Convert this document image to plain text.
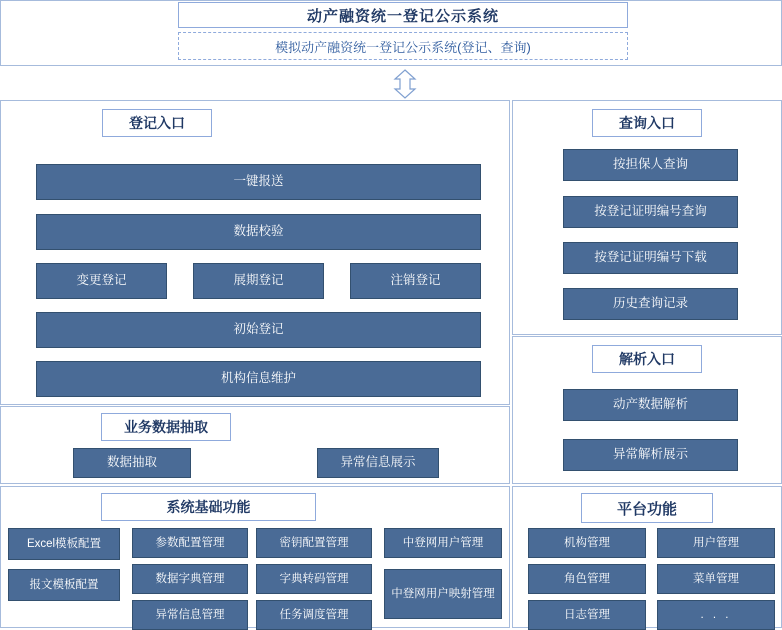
动产融资统一登记公示系统
模拟动产融资统一登记公示系统(登记、查询)
登记入口
一键报送
数据校验
变更登记	展期登记	注销登记
初始登记
机构信息维护
业务数据抽取
数据抽取	异常信息展示
系统基础功能
Excel模板配置
报文模板配置
参数配置管理
数据字典管理
异常信息管理
密钥配置管理
字典转码管理
任务调度管理
中登网用户管理
中登网用户映射管理
查询入口
按担保人查询
按登记证明编号查询
按登记证明编号下载
历史查询记录
解析入口
动产数据解析
异常解析展示
平台功能
机构管理
角色管理
日志管理
用户管理
菜单管理
. . .
